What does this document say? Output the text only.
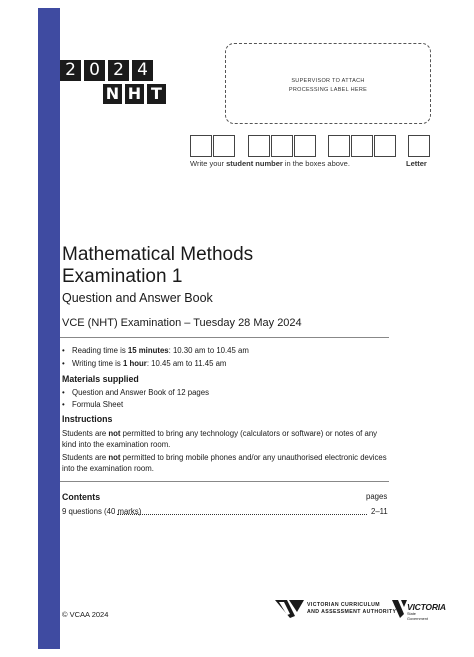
2 0 2 4
N H T
SUPERVISOR TO ATTACH
PROCESSING LABEL HERE
Write your student number in the boxes above.	Letter
Mathematical Methods
Examination 1
Question and Answer Book
VCE (NHT) Examination – Tuesday 28 May 2024
• Reading time is 15 minutes: 10.30 am to 10.45 am
• Writing time is 1 hour: 10.45 am to 11.45 am
Materials supplied
• Question and Answer Book of 12 pages
• Formula Sheet
Instructions
Students are not permitted to bring any technology (calculators or software) or notes of any kind into the examination room.
Students are not permitted to bring mobile phones and/or any unauthorised electronic devices into the examination room.
Contents	pages
9 questions (40 marks)	2–11
© VCAA 2024
VICTORIAN CURRICULUM
AND ASSESSMENT AUTHORITY VICTORIA
State
Government
